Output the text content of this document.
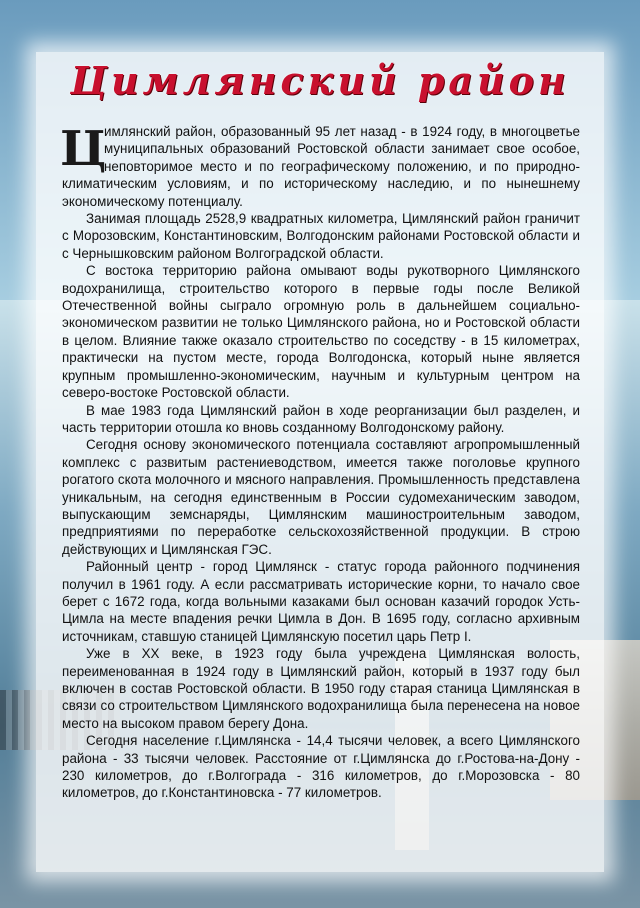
Цимлянский район

Ц
имлянский район, образованный 95 лет назад - в 1924 году, в многоцветье муниципальных образований Ростовской области занимает свое особое, неповторимое место и по географическому положению, и по природно-климатическим условиям, и по историческому наследию, и по нынешнему экономическому потенциалу.

Занимая площадь 2528,9 квадратных километра, Цимлянский район граничит с Морозовским, Константиновским, Волгодонским районами Ростовской области и с Чернышковским районом Волгоградской области.

С востока территорию района омывают воды рукотворного Цимлянского водохранилища, строительство которого в первые годы после Великой Отечественной войны сыграло огромную роль в дальнейшем социально-экономическом развитии не только Цимлянского района, но и Ростовской области в целом. Влияние также оказало строительство по соседству - в 15 километрах, практически на пустом месте, города Волгодонска, который ныне является крупным промышленно-экономическим, научным и культурным центром на северо-востоке Ростовской области.

В мае 1983 года Цимлянский район в ходе реорганизации был разделен, и часть территории отошла ко вновь созданному Волгодонскому району.

Сегодня основу экономического потенциала составляют агропромышленный комплекс с развитым растениеводством, имеется также поголовье крупного рогатого скота молочного и мясного направления. Промышленность представлена уникальным, на сегодня единственным в России судомеханическим заводом, выпускающим земснаряды, Цимлянским машиностроительным заводом, предприятиями по переработке сельскохозяйственной продукции. В строю действующих и Цимлянская ГЭС.

Районный центр - город Цимлянск - статус города районного подчинения получил в 1961 году. А если рассматривать исторические корни, то начало свое берет с 1672 года, когда вольными казаками был основан казачий городок Усть-Цимла на месте впадения речки Цимла в Дон. В 1695 году, согласно архивным источникам, ставшую станицей Цимлянскую посетил царь Петр I.

Уже в XX веке, в 1923 году была учреждена Цимлянская волость, переименованная в 1924 году в Цимлянский район, который в 1937 году был включен в состав Ростовской области. В 1950 году старая станица Цимлянская в связи со строительством Цимлянского водохранилища была перенесена на новое место на высоком правом берегу Дона.

Сегодня население г.Цимлянска - 14,4 тысячи человек, а всего Цимлянского района - 33 тысячи человек. Расстояние от г.Цимлянска до г.Ростова-на-Дону - 230 километров, до г.Волгограда - 316 километров, до г.Морозовска - 80 километров, до г.Константиновска - 77 километров.
